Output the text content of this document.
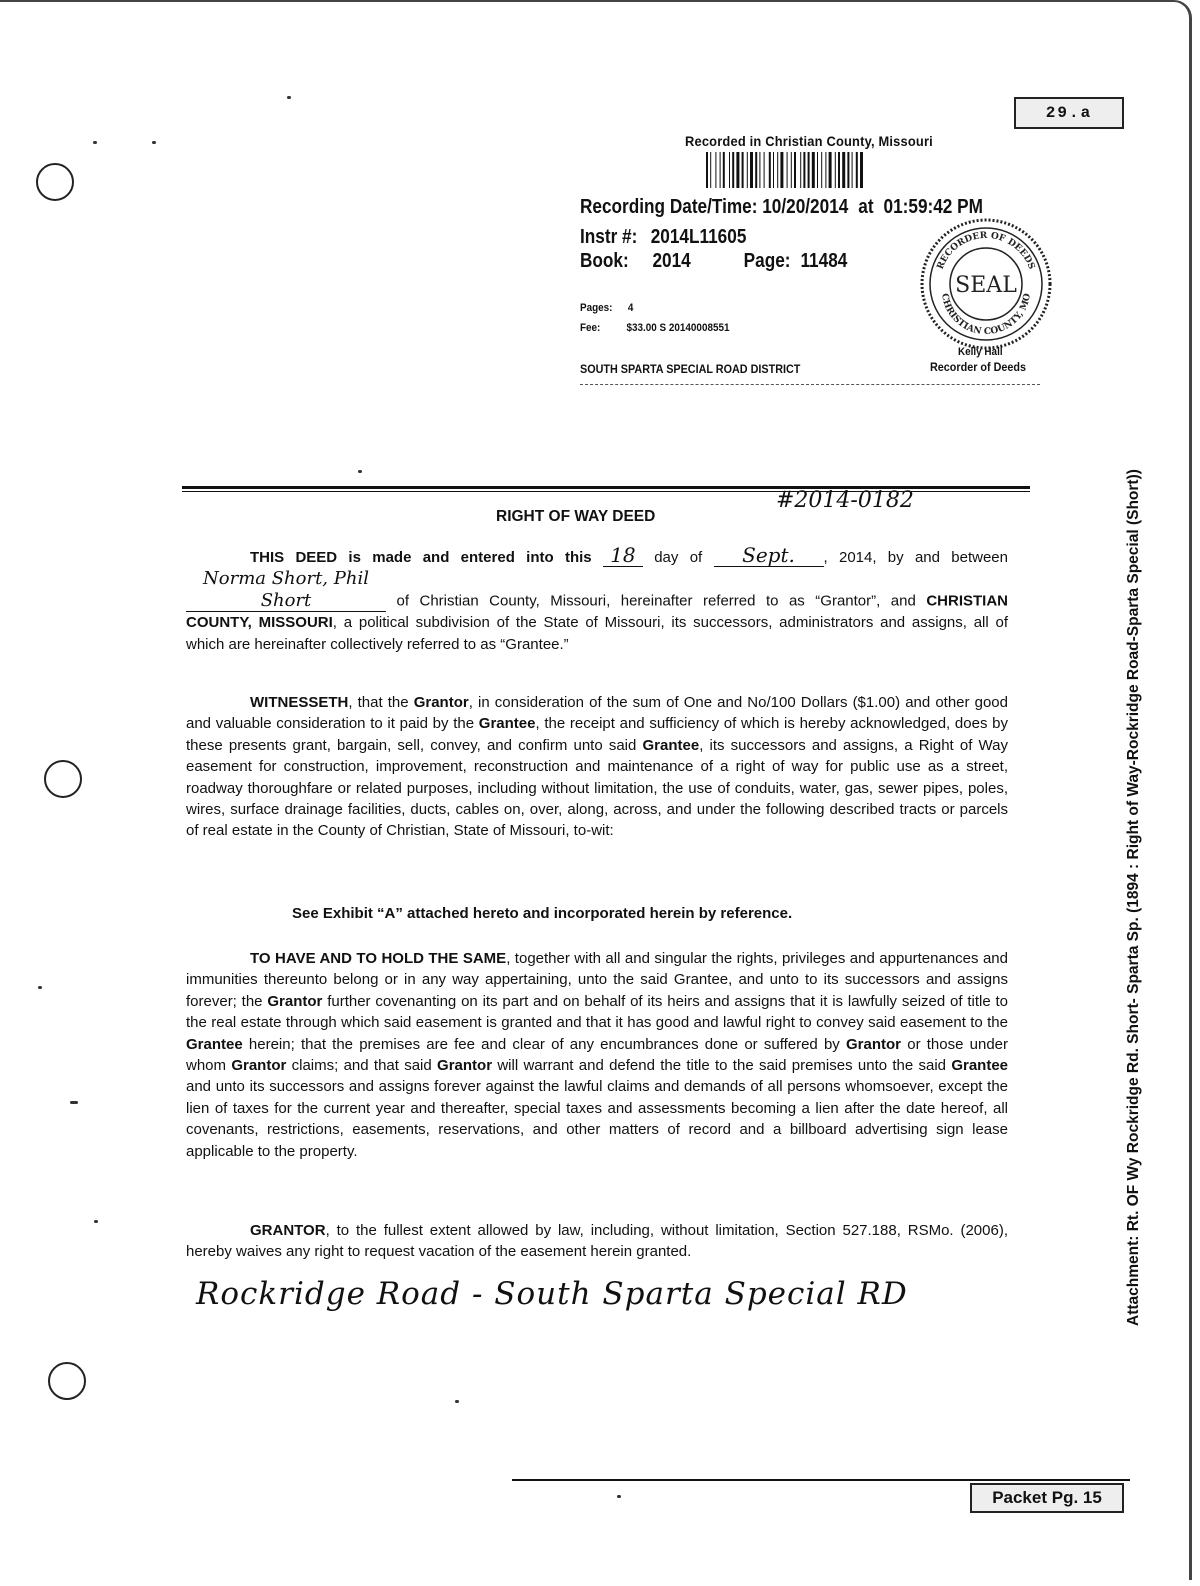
29.a
Recorded in Christian County, Missouri
Recording Date/Time: 10/20/2014 at 01:59:42 PM
Instr #: 2014L11605
Book: 2014	Page: 11484
Pages: 4
Fee: $33.00 S 20140008551
SOUTH SPARTA SPECIAL ROAD DISTRICT
RECORDER OF DEEDS
CHRISTIAN COUNTY, MO
SEAL
Kelly Hall
Recorder of Deeds
RIGHT OF WAY DEED
#2014-0182
THIS DEED is made and entered into this 18 day of Sept. , 2014, by and betweenNorma Short, Phil Short	of Christian County, Missouri, hereinafter referred to as “Grantor”, and CHRISTIAN COUNTY, MISSOURI, a political subdivision of the State of Missouri, its successors, administrators and assigns, all of which are hereinafter collectively referred to as “Grantee.”
WITNESSETH, that the Grantor, in consideration of the sum of One and No/100 Dollars ($1.00) and other good and valuable consideration to it paid by the Grantee, the receipt and sufficiency of which is hereby acknowledged, does by these presents grant, bargain, sell, convey, and confirm unto said Grantee, its successors and assigns, a Right of Way easement for construction, improvement, reconstruction and maintenance of a right of way for public use as a street, roadway thoroughfare or related purposes, including without limitation, the use of conduits, water, gas, sewer pipes, poles, wires, surface drainage facilities, ducts, cables on, over, along, across, and under the following described tracts or parcels of real estate in the County of Christian, State of Missouri, to-wit:
See Exhibit “A” attached hereto and incorporated herein by reference.
TO HAVE AND TO HOLD THE SAME, together with all and singular the rights, privileges and appurtenances and immunities thereunto belong or in any way appertaining, unto the said Grantee, and unto to its successors and assigns forever; the Grantor further covenanting on its part and on behalf of its heirs and assigns that it is lawfully seized of title to the real estate through which said easement is granted and that it has good and lawful right to convey said easement to the Grantee herein; that the premises are fee and clear of any encumbrances done or suffered by Grantor or those under whom Grantor claims; and that said Grantor will warrant and defend the title to the said premises unto the said Grantee and unto its successors and assigns forever against the lawful claims and demands of all persons whomsoever, except the lien of taxes for the current year and thereafter, special taxes and assessments becoming a lien after the date hereof, all covenants, restrictions, easements, reservations, and other matters of record and a billboard advertising sign lease applicable to the property.
GRANTOR, to the fullest extent allowed by law, including, without limitation, Section 527.188, RSMo. (2006), hereby waives any right to request vacation of the easement herein granted.
Rockridge Road - South Sparta Special RD	Attachment: Rt. OF Wy Rockridge Rd. Short- Sparta Sp. (1894 : Right of Way-Rockridge Road-Sparta Special (Short))
Packet Pg. 15
